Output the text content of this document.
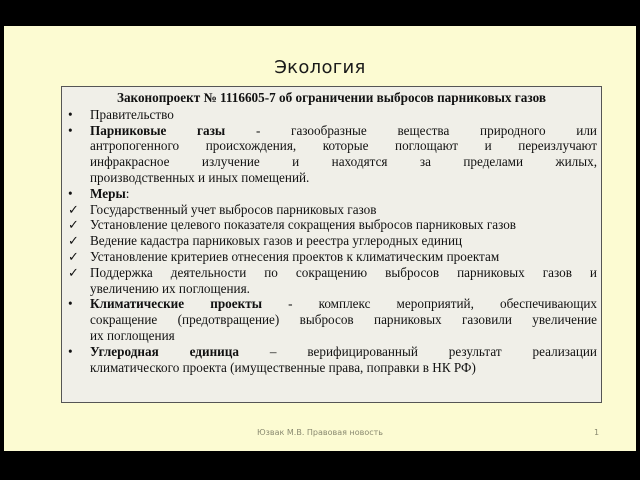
Экология
Законопроект № 1116605-7 об ограничении выбросов парниковых газов
•	Правительство
•	Парниковые газы - газообразные вещества природного или
антропогенного происхождения, которые поглощают и переизлучают
инфракрасное излучение и находятся за пределами жилых,
производственных и иных помещений.
•	Меры:
✓ Государственный учет выбросов парниковых газов
✓ Установление целевого показателя сокращения выбросов парниковых газов
✓ Ведение кадастра парниковых газов и реестра углеродных единиц
✓ Установление критериев отнесения проектов к климатическим проектам
✓ Поддержка деятельности по сокращению выбросов парниковых газов и
увеличению их поглощения.
•	Климатические проекты - комплекс мероприятий, обеспечивающих
сокращение (предотвращение) выбросов парниковых газовили увеличение
их поглощения
•	Углеродная единица – верифицированный результат реализации
климатического проекта (имущественные права, поправки в НК РФ)
Юзвак М.В. Правовая новость	1
